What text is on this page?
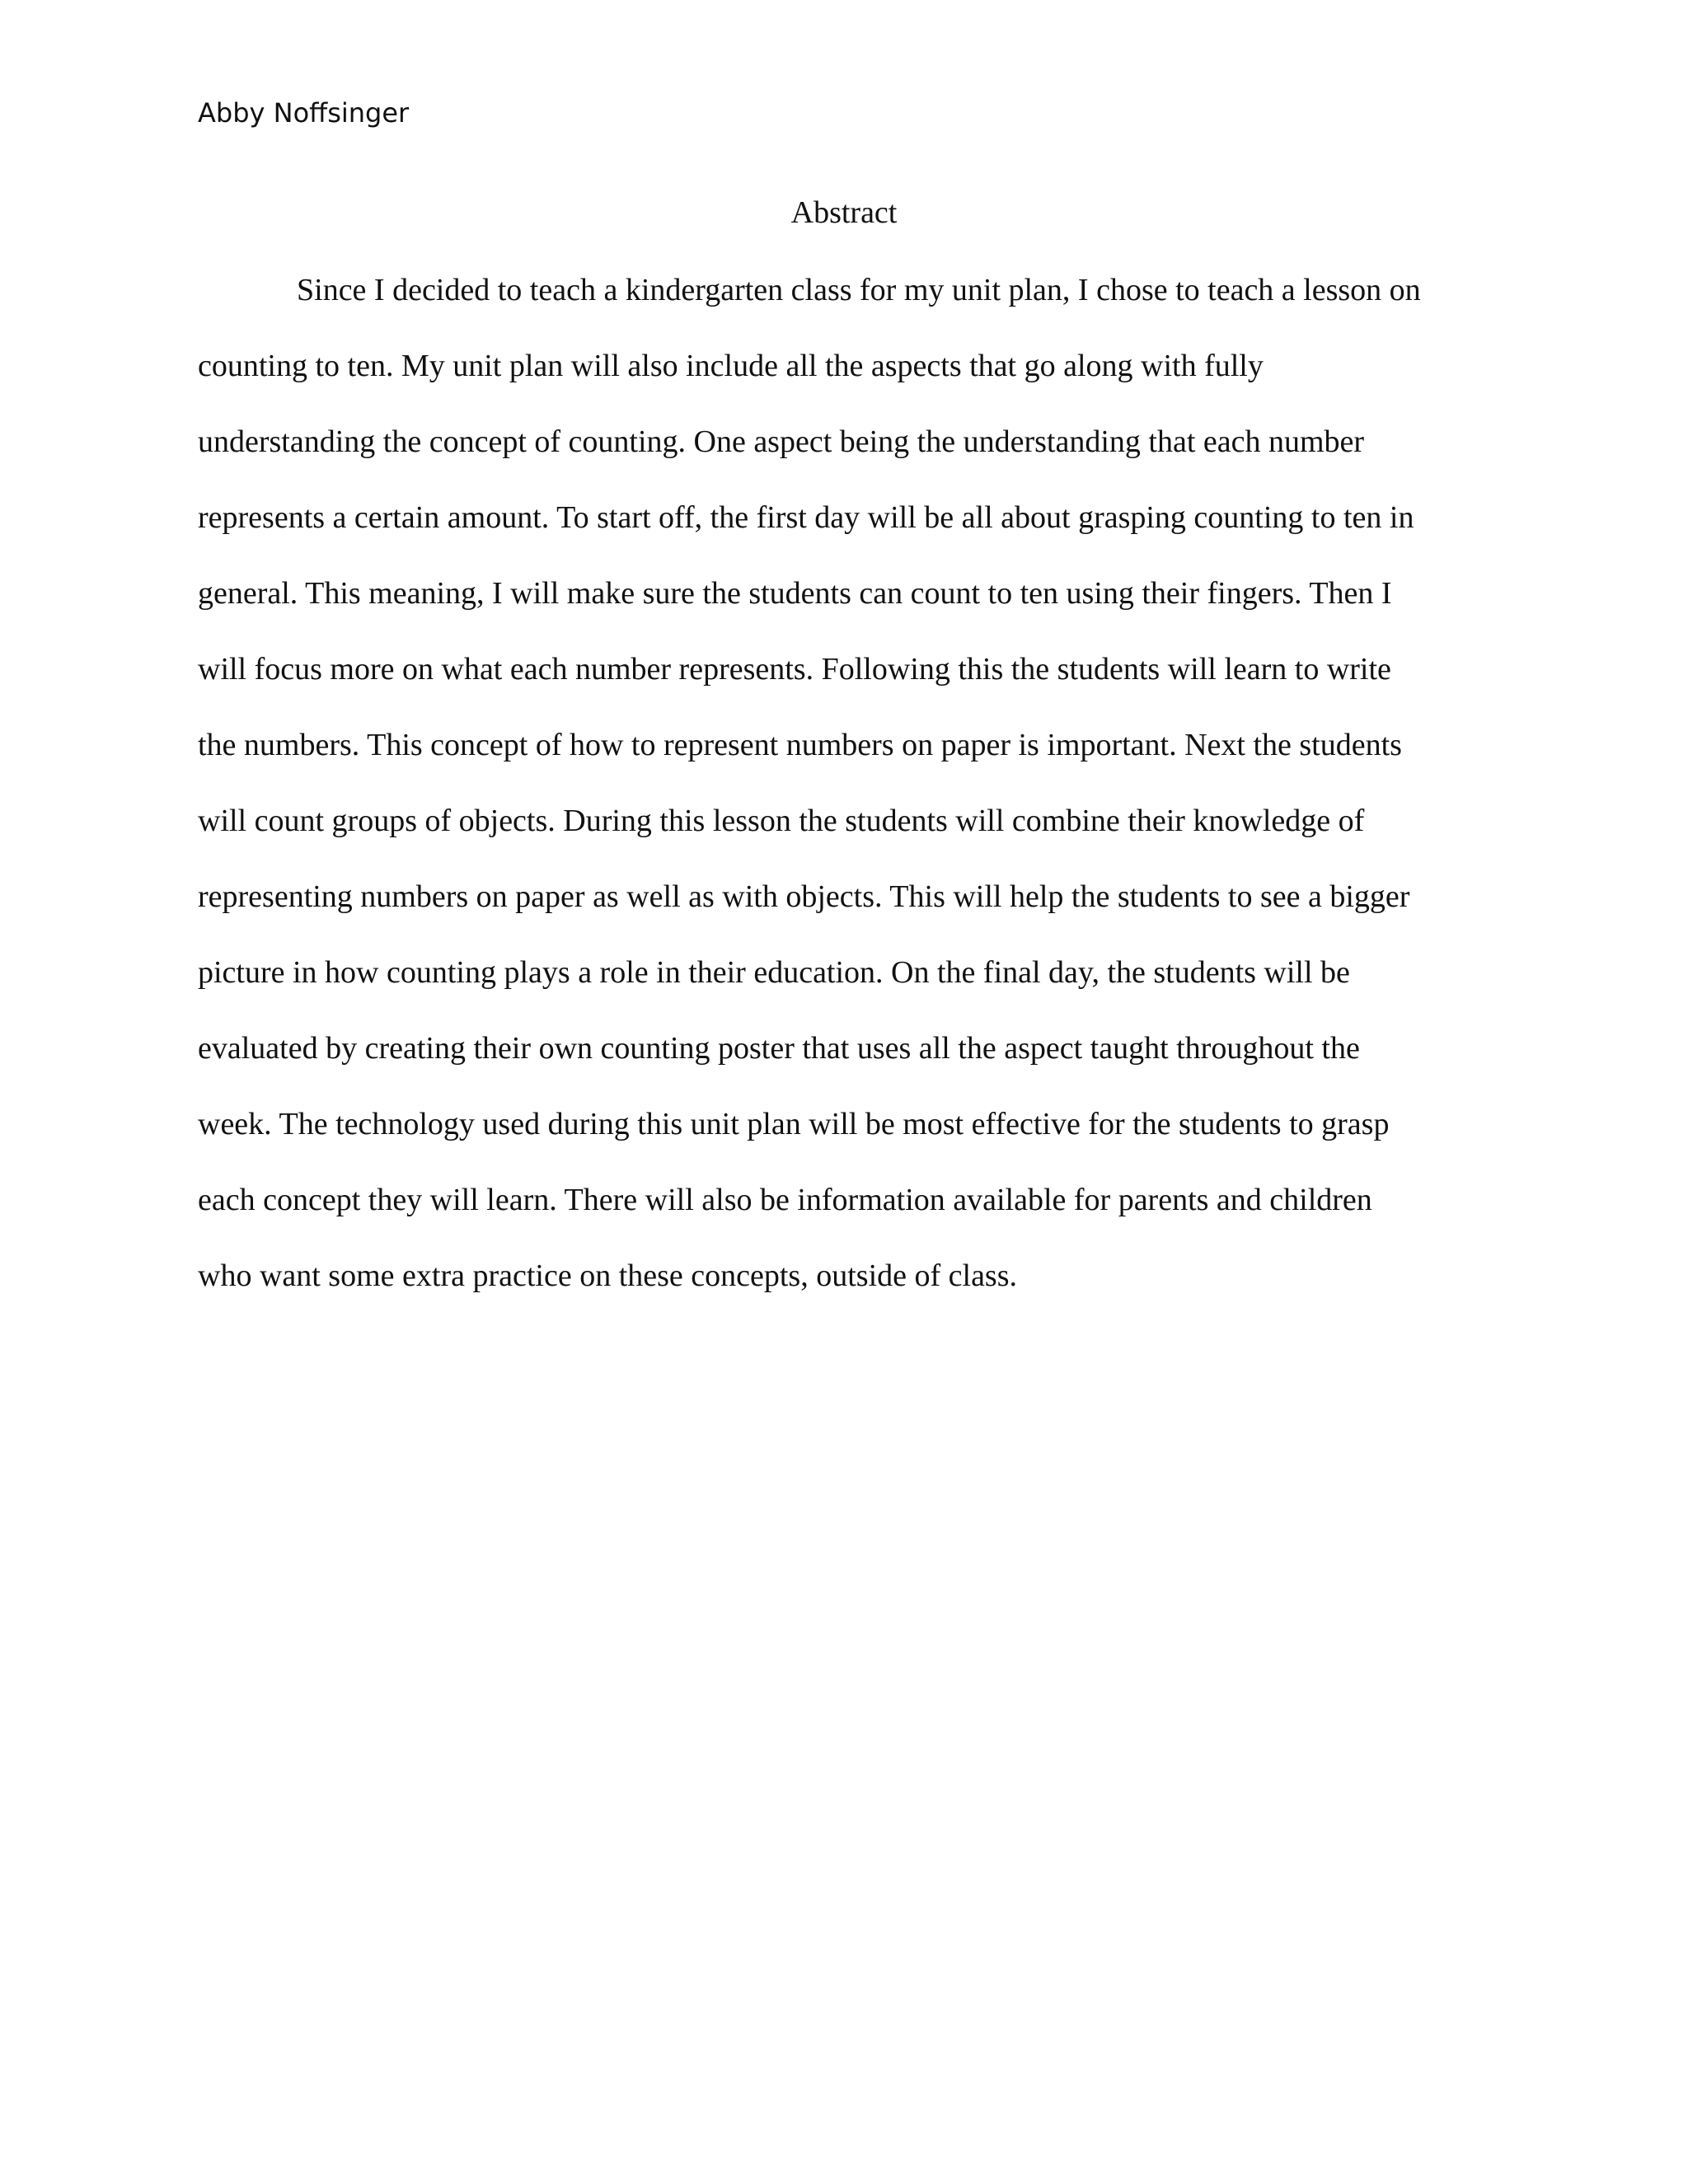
Abby Noffsinger
Abstract
Since I decided to teach a kindergarten class for my unit plan, I chose to teach a lesson on
counting to ten. My unit plan will also include all the aspects that go along with fully
understanding the concept of counting. One aspect being the understanding that each number
represents a certain amount. To start off, the first day will be all about grasping counting to ten in
general. This meaning, I will make sure the students can count to ten using their fingers. Then I
will focus more on what each number represents. Following this the students will learn to write
the numbers. This concept of how to represent numbers on paper is important. Next the students
will count groups of objects. During this lesson the students will combine their knowledge of
representing numbers on paper as well as with objects. This will help the students to see a bigger
picture in how counting plays a role in their education. On the final day, the students will be
evaluated by creating their own counting poster that uses all the aspect taught throughout the
week. The technology used during this unit plan will be most effective for the students to grasp
each concept they will learn. There will also be information available for parents and children
who want some extra practice on these concepts, outside of class.
